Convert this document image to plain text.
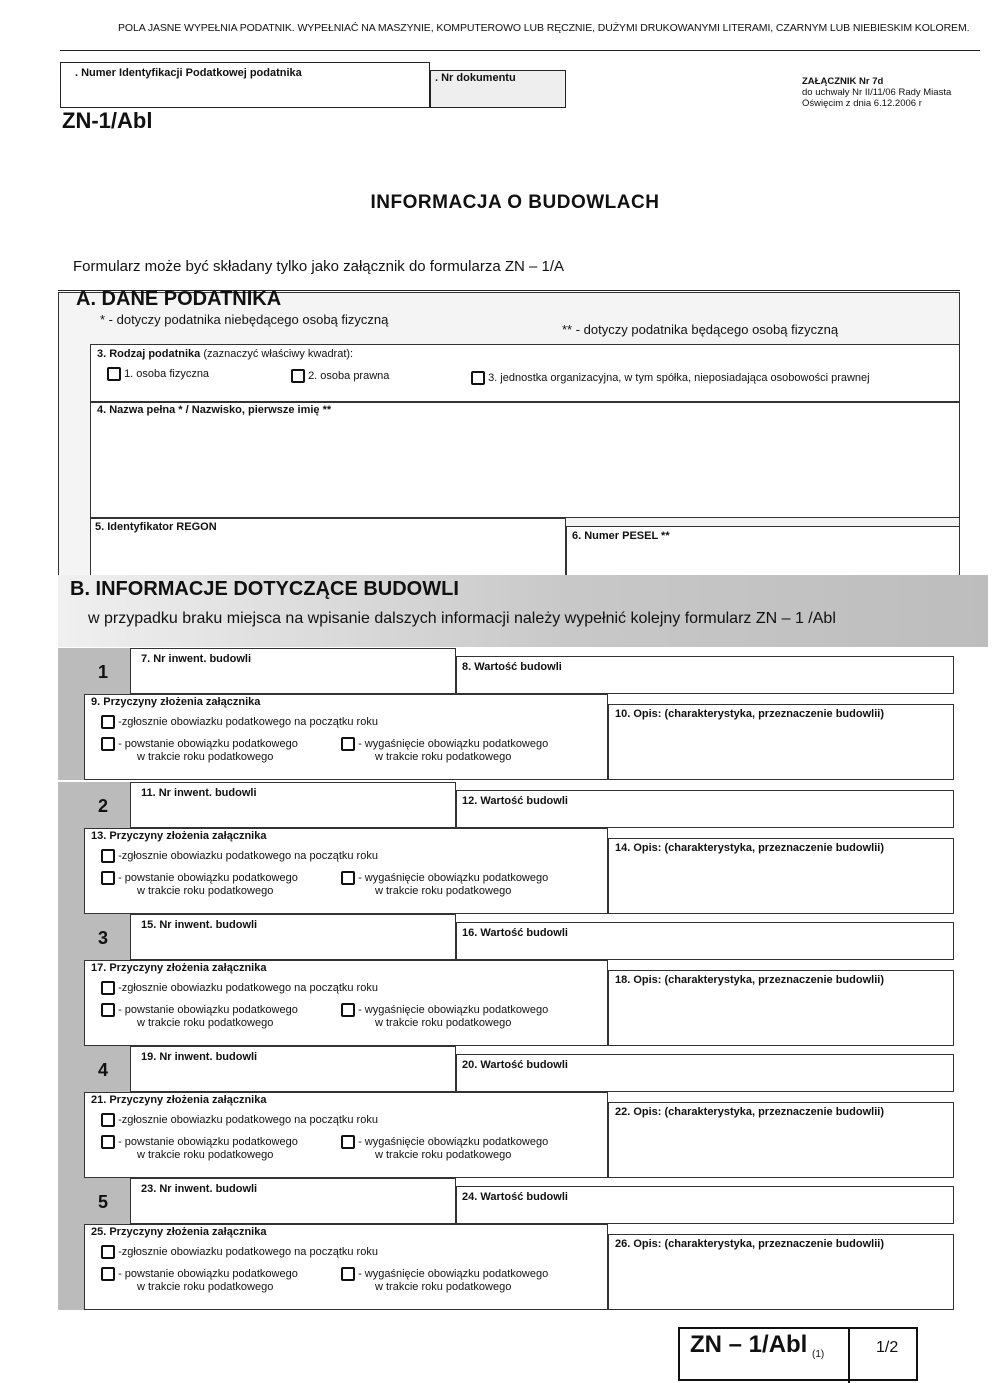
POLA JASNE WYPEŁNIA PODATNIK. WYPEŁNIAĆ NA MASZYNIE, KOMPUTEROWO LUB RĘCZNIE, DUŻYMI DRUKOWANYMI LITERAMI, CZARNYM LUB NIEBIESKIM KOLOREM.
. Numer Identyfikacji Podatkowej podatnika	. Nr dokumentu
ZN-1/Abl
ZAŁĄCZNIK Nr 7d
do uchwały Nr II/11/06 Rady Miasta
Oświęcim z dnia 6.12.2006 r
INFORMACJA O BUDOWLACH
Formularz może być składany tylko jako załącznik do formularza ZN – 1/A
A. DANE PODATNIKA
* - dotyczy podatnika niebędącego osobą fizyczną
** - dotyczy podatnika będącego osobą fizyczną
3. Rodzaj podatnika (zaznaczyć właściwy kwadrat):
1. osoba fizyczna	2. osoba prawna	3. jednostka organizacyjna, w tym spółka, nieposiadająca osobowości prawnej
4. Nazwa pełna * / Nazwisko, pierwsze imię **
5. Identyfikator REGON
6. Numer PESEL **
B. INFORMACJE DOTYCZĄCE BUDOWLI
w przypadku braku miejsca na wpisanie dalszych informacji należy wypełnić kolejny formularz ZN – 1 /Abl
1
7. Nr inwent. budowli
8. Wartość budowli
9. Przyczyny złożenia załącznika
-zgłosznie obowiazku podatkowego na początku roku
- powstanie obowiązku podatkowego
w trakcie roku podatkowego
- wygaśnięcie obowiązku podatkowego
w trakcie roku podatkowego
10. Opis: (charakterystyka, przeznaczenie budowlii)
2
11. Nr inwent. budowli
12. Wartość budowli
13. Przyczyny złożenia załącznika
-zgłosznie obowiazku podatkowego na początku roku
- powstanie obowiązku podatkowego
w trakcie roku podatkowego
- wygaśnięcie obowiązku podatkowego
w trakcie roku podatkowego
14. Opis: (charakterystyka, przeznaczenie budowlii)
3
15. Nr inwent. budowli
16. Wartość budowli
17. Przyczyny złożenia załącznika
-zgłosznie obowiazku podatkowego na początku roku
- powstanie obowiązku podatkowego
w trakcie roku podatkowego
- wygaśnięcie obowiązku podatkowego
w trakcie roku podatkowego
18. Opis: (charakterystyka, przeznaczenie budowlii)
4
19. Nr inwent. budowli
20. Wartość budowli
21. Przyczyny złożenia załącznika
-zgłosznie obowiazku podatkowego na początku roku
- powstanie obowiązku podatkowego
w trakcie roku podatkowego
- wygaśnięcie obowiązku podatkowego
w trakcie roku podatkowego
22. Opis: (charakterystyka, przeznaczenie budowlii)
5
23. Nr inwent. budowli
24. Wartość budowli
25. Przyczyny złożenia załącznika
-zgłosznie obowiazku podatkowego na początku roku
- powstanie obowiązku podatkowego
w trakcie roku podatkowego
- wygaśnięcie obowiązku podatkowego
w trakcie roku podatkowego
26. Opis: (charakterystyka, przeznaczenie budowlii)
ZN – 1/Abl (1)	1/2
